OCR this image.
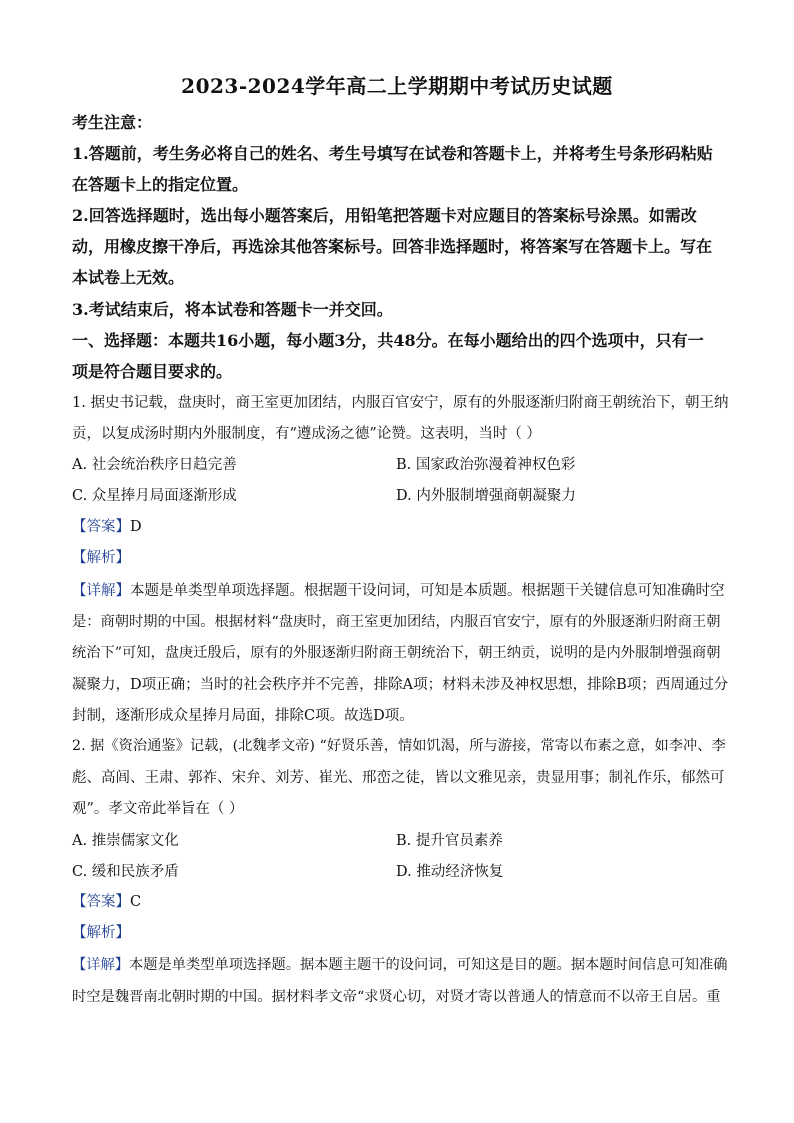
2023-2024学年高二上学期期中考试历史试题
考生注意：
1.答题前，考生务必将自己的姓名、考生号填写在试卷和答题卡上，并将考生号条形码粘贴
在答题卡上的指定位置。
2.回答选择题时，选出每小题答案后，用铅笔把答题卡对应题目的答案标号涂黑。如需改
动，用橡皮擦干净后，再选涂其他答案标号。回答非选择题时，将答案写在答题卡上。写在
本试卷上无效。
3.考试结束后，将本试卷和答题卡一并交回。
一、选择题：本题共16小题，每小题3分，共48分。在每小题给出的四个选项中，只有一
项是符合题目要求的。
1. 据史书记载，盘庚时，商王室更加团结，内服百官安宁，原有的外服逐渐归附商王朝统治下，朝王纳
贡，以复成汤时期内外服制度，有“遵成汤之德”论赞。这表明，当时（ ）
A. 社会统治秩序日趋完善	B. 国家政治弥漫着神权色彩
C. 众星捧月局面逐渐形成	D. 内外服制增强商朝凝聚力
【答案】D
【解析】
【详解】本题是单类型单项选择题。根据题干设问词，可知是本质题。根据题干关键信息可知准确时空
是：商朝时期的中国。根据材料“盘庚时，商王室更加团结，内服百官安宁，原有的外服逐渐归附商王朝
统治下”可知，盘庚迁殷后，原有的外服逐渐归附商王朝统治下，朝王纳贡，说明的是内外服制增强商朝
凝聚力，D项正确；当时的社会秩序并不完善，排除A项；材料未涉及神权思想，排除B项；西周通过分
封制，逐渐形成众星捧月局面，排除C项。故选D项。
2. 据《资治通鉴》记载，(北魏孝文帝) “好贤乐善，情如饥渴，所与游接，常寄以布素之意，如李冲、李
彪、高闾、王肃、郭祚、宋弁、刘芳、崔光、邢峦之徒，皆以文雅见亲，贵显用事；制礼作乐，郁然可
观”。孝文帝此举旨在（ ）
A. 推崇儒家文化	B. 提升官员素养
C. 缓和民族矛盾	D. 推动经济恢复
【答案】C
【解析】
【详解】本题是单类型单项选择题。据本题主题干的设问词，可知这是目的题。据本题时间信息可知准确
时空是魏晋南北朝时期的中国。据材料孝文帝“求贤心切，对贤才寄以普通人的情意而不以帝王自居。重
